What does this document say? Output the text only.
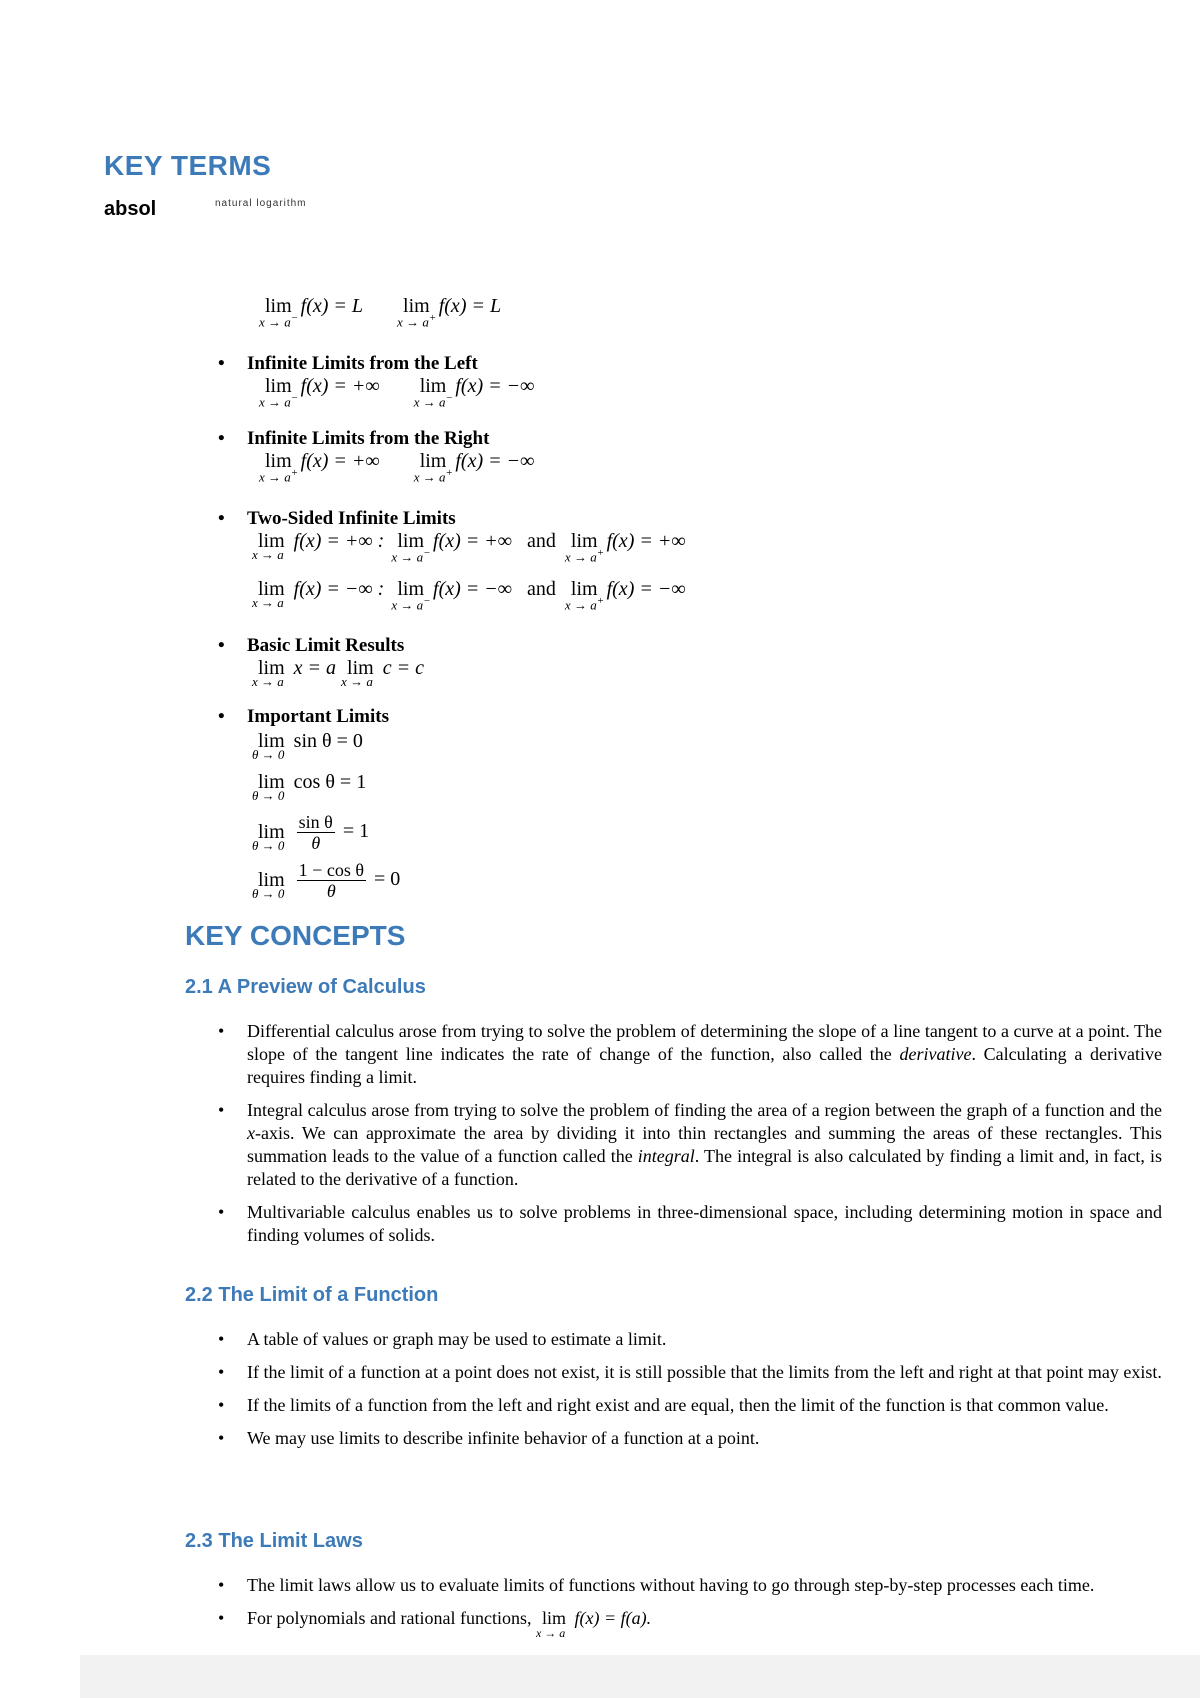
KEY TERMS
absol	natural logarithm
lim
x → a−
f(x) = L lim
x → a+
f(x) = L
• Infinite Limits from the Left
lim
x → a−
f(x) = +∞ lim
x → a−
f(x) = −∞
• Infinite Limits from the Right
lim
x → a+
f(x) = +∞ lim
x → a+
f(x) = −∞
• Two-Sided Infinite Limits
lim
x → a
f(x) = +∞ : lim
x → a−
f(x) = +∞ and lim
x → a+
f(x) = +∞
lim
x → a
f(x) = −∞ : lim
x → a−
f(x) = −∞ and lim
x → a+
f(x) = −∞
• Basic Limit Results
lim
x → a
x = a lim
x → a
c = c
• Important Limits
lim
θ → 0
sin θ = 0
lim
θ → 0
cos θ = 1
lim
θ → 0
$\frac{\text{sin θ}}{\theta} = 1$
lim
θ → 0
$\frac{\text{1 − cos θ}}{\theta} = 0$
KEY CONCEPTS
2.1 A Preview of Calculus
• Differential calculus arose from trying to solve the problem of determining the slope of a line tangent to a curve at a point. The slope of the tangent line indicates the rate of change of the function, also called the derivative. Calculating a derivative requires finding a limit.
• Integral calculus arose from trying to solve the problem of finding the area of a region between the graph of a function and the x-axis. We can approximate the area by dividing it into thin rectangles and summing the areas of these rectangles. This summation leads to the value of a function called the integral. The integral is also calculated by finding a limit and, in fact, is related to the derivative of a function.
• Multivariable calculus enables us to solve problems in three-dimensional space, including determining motion in space and finding volumes of solids.
2.2 The Limit of a Function
• A table of values or graph may be used to estimate a limit.
• If the limit of a function at a point does not exist, it is still possible that the limits from the left and right at that point may exist.
• If the limits of a function from the left and right exist and are equal, then the limit of the function is that common value.
• We may use limits to describe infinite behavior of a function at a point.
2.3 The Limit Laws
• The limit laws allow us to evaluate limits of functions without having to go through step-by-step processes each time.
• For polynomials and rational functions, lim
x → a
f(x) = f(a).
